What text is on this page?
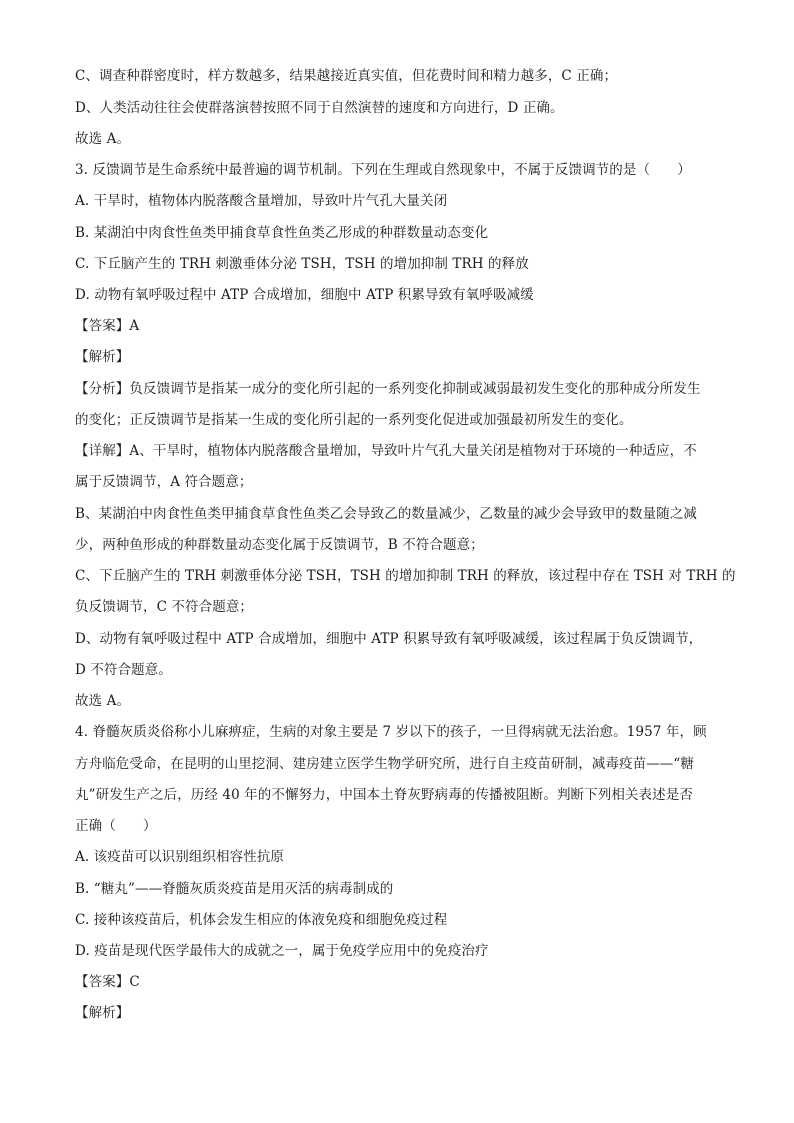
C、调查种群密度时，样方数越多，结果越接近真实值，但花费时间和精力越多，C 正确；
D、人类活动往往会使群落演替按照不同于自然演替的速度和方向进行，D 正确。
故选 A。
3. 反馈调节是生命系统中最普遍的调节机制。下列在生理或自然现象中，不属于反馈调节的是（　　）
A. 干旱时，植物体内脱落酸含量增加，导致叶片气孔大量关闭
B. 某湖泊中肉食性鱼类甲捕食草食性鱼类乙形成的种群数量动态变化
C. 下丘脑产生的 TRH 刺激垂体分泌 TSH，TSH 的增加抑制 TRH 的释放
D. 动物有氧呼吸过程中 ATP 合成增加，细胞中 ATP 积累导致有氧呼吸减缓
【答案】A
【解析】
【分析】负反馈调节是指某一成分的变化所引起的一系列变化抑制或减弱最初发生变化的那种成分所发生
的变化；正反馈调节是指某一生成的变化所引起的一系列变化促进或加强最初所发生的变化。
【详解】A、干旱时，植物体内脱落酸含量增加，导致叶片气孔大量关闭是植物对于环境的一种适应，不
属于反馈调节，A 符合题意；
B、某湖泊中肉食性鱼类甲捕食草食性鱼类乙会导致乙的数量减少，乙数量的减少会导致甲的数量随之减
少，两种鱼形成的种群数量动态变化属于反馈调节，B 不符合题意；
C、下丘脑产生的 TRH 刺激垂体分泌 TSH，TSH 的增加抑制 TRH 的释放，该过程中存在 TSH 对 TRH 的
负反馈调节，C 不符合题意；
D、动物有氧呼吸过程中 ATP 合成增加，细胞中 ATP 积累导致有氧呼吸减缓，该过程属于负反馈调节，
D 不符合题意。
故选 A。
4. 脊髓灰质炎俗称小儿麻痹症，生病的对象主要是 7 岁以下的孩子，一旦得病就无法治愈。1957 年，顾
方舟临危受命，在昆明的山里挖洞、建房建立医学生物学研究所，进行自主疫苗研制，减毒疫苗——“糖
丸”研发生产之后，历经 40 年的不懈努力，中国本土脊灰野病毒的传播被阻断。判断下列相关表述是否
正确（　　）
A. 该疫苗可以识别组织相容性抗原
B. “糖丸”——脊髓灰质炎疫苗是用灭活的病毒制成的
C. 接种该疫苗后，机体会发生相应的体液免疫和细胞免疫过程
D. 疫苗是现代医学最伟大的成就之一，属于免疫学应用中的免疫治疗
【答案】C
【解析】
